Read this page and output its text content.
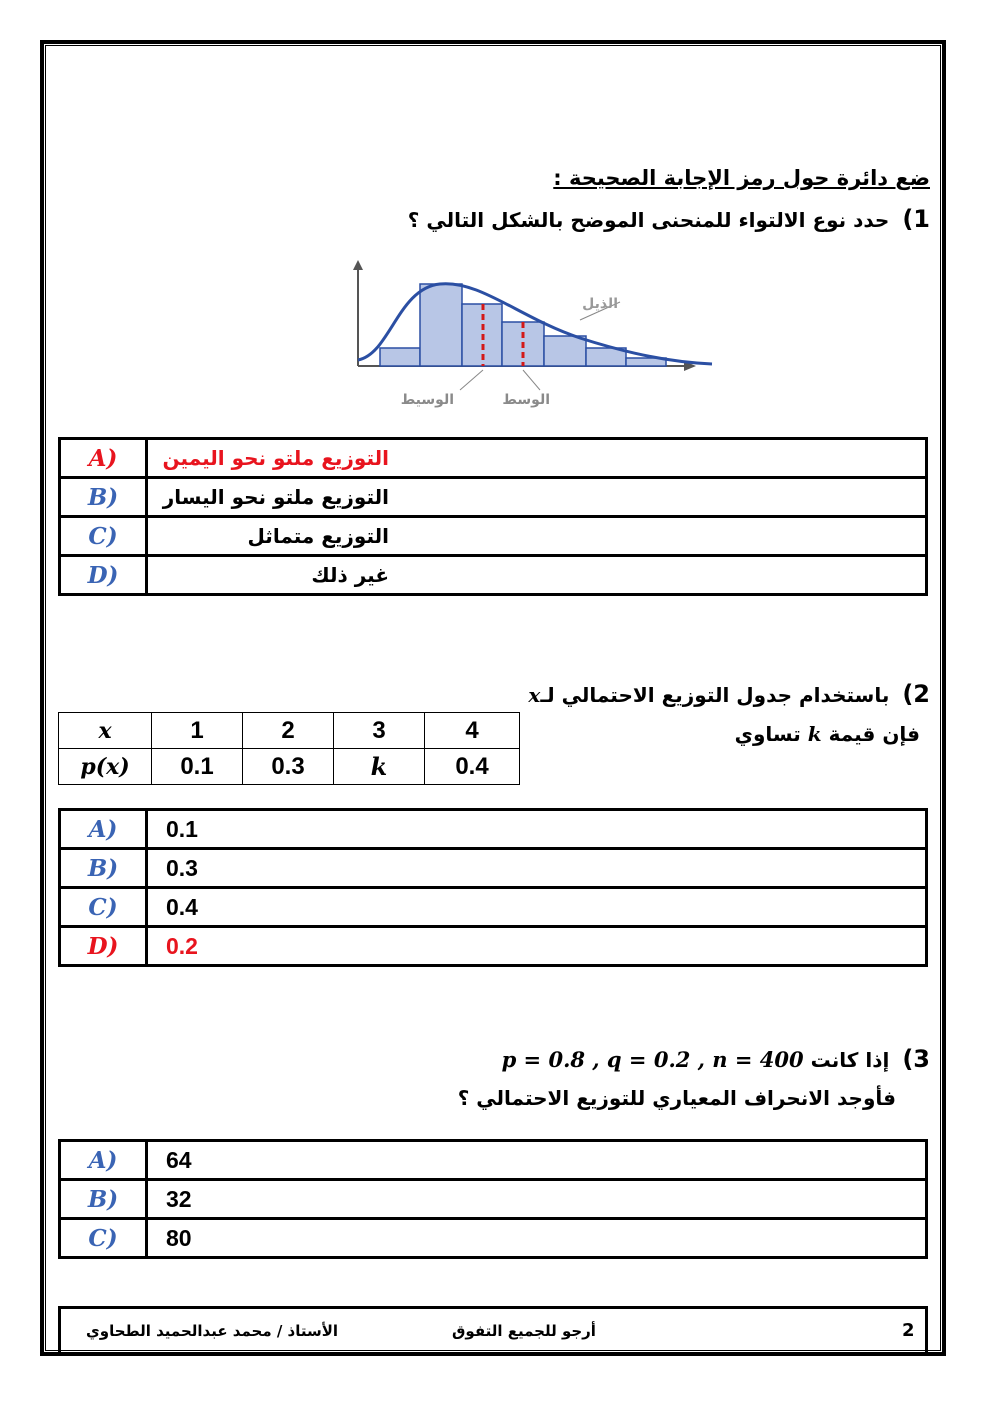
ضع دائرة حول رمز الإجابة الصحيحة :
1) حدد نوع الالتواء للمنحنى الموضح بالشكل التالي ؟
الذيل
الوسط
الوسيط
A)	التوزيع ملتو نحو اليمين
B)	التوزيع ملتو نحو اليسار
C)	التوزيع متماثل
D)	غير ذلك
2) باستخدام جدول التوزيع الاحتمالي لـx
فإن قيمة k تساوي
x	1	2	3	4
p(x)	0.1	0.3	k	0.4
A)	0.1
B)	0.3
C)	0.4
D)	0.2
3) إذا كانت p = 0.8 , q = 0.2 , n = 400
فأوجد الانحراف المعياري للتوزيع الاحتمالي ؟
A)	64
B)	32
C)	80
2
أرجو للجميع التفوق
الأستاذ / محمد عبدالحميد الطحاوي
